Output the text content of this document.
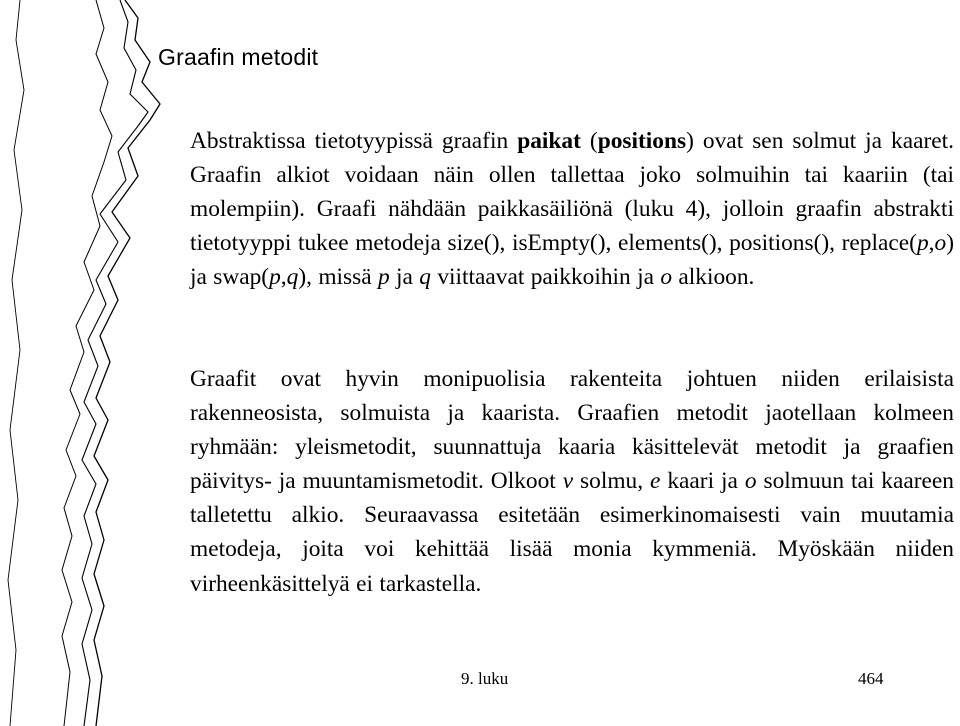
Graafin metodit
Abstraktissa tietotyypissä graafin paikat (positions) ovat sen solmut ja kaaret. Graafin alkiot voidaan näin ollen tallettaa joko solmuihin tai kaariin (tai molempiin). Graafi nähdään paikkasäiliönä (luku 4), jolloin graafin abstrakti tietotyyppi tukee metodeja size(), isEmpty(), elements(), positions(), replace(p,o) ja swap(p,q), missä p ja q viittaavat paikkoihin ja o alkioon.
Graafit ovat hyvin monipuolisia rakenteita johtuen niiden erilaisista rakenneosista, solmuista ja kaarista. Graafien metodit jaotellaan kolmeen ryhmään: yleismetodit, suunnattuja kaaria käsittelevät metodit ja graafien päivitys- ja muuntamismetodit. Olkoot v solmu, e kaari ja o solmuun tai kaareen talletettu alkio. Seuraavassa esitetään esimerkinomaisesti vain muutamia metodeja, joita voi kehittää lisää monia kymmeniä. Myöskään niiden virheenkäsittelyä ei tarkastella.
9. luku	464
